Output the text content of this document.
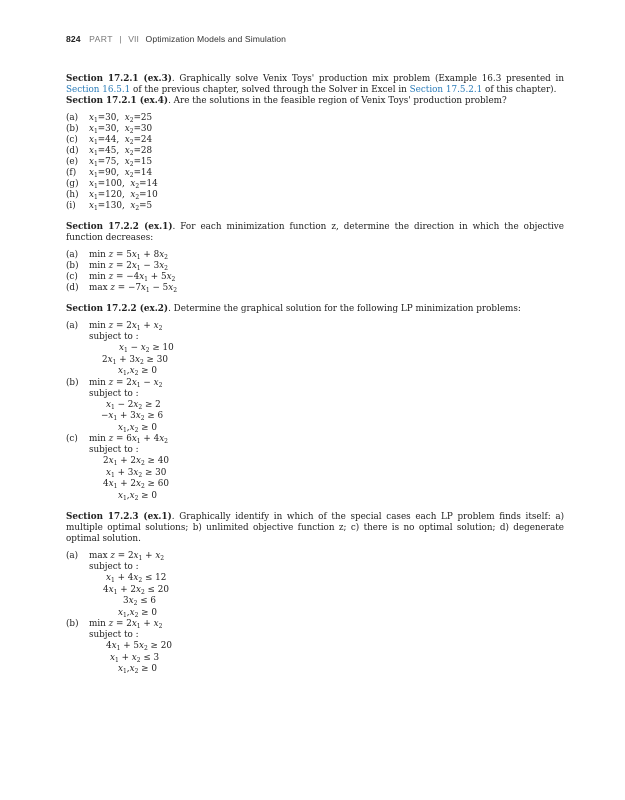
824 PART | VII Optimization Models and Simulation

Section 17.2.1 (ex.3). Graphically solve Venix Toys' production mix problem (Example 16.3 presented in Section 16.5.1 of the previous chapter, solved through the Solver in Excel in Section 17.5.2.1 of this chapter).

Section 17.2.1 (ex.4). Are the solutions in the feasible region of Venix Toys' production problem?

(a) $x_1=30$,  $x_2=25$
(b) $x_1=30$,  $x_2=30$
(c) $x_1=44$,  $x_2=24$
(d) $x_1=45$,  $x_2=28$
(e) $x_1=75$,  $x_2=15$
(f) $x_1=90$,  $x_2=14$
(g) $x_1=100$,  $x_2=14$
(h) $x_1=120$,  $x_2=10$
(i) $x_1=130$,  $x_2=5$

Section 17.2.2 (ex.1). For each minimization function z, determine the direction in which the objective function decreases:

(a) $\min z = 5x_1 + 8x_2$
(b) $\min z = 2x_1 - 3x_2$
(c) $\min z = -4x_1 + 5x_2$
(d) $\max z = -7x_1 - 5x_2$

Section 17.2.2 (ex.2). Determine the graphical solution for the following LP minimization problems:

(a) $\min z = 2x_1 + x_2$
subject to :
$x_1 - x_2 \ge 10$
$2x_1 + 3x_2 \ge 30$
$x_1,x_2 \ge 0$
(b) $\min z = 2x_1 - x_2$
subject to :
$x_1 - 2x_2 \ge 2$
$-x_1 + 3x_2 \ge 6$
$x_1,x_2 \ge 0$
(c) $\min z = 6x_1 + 4x_2$
subject to :
$2x_1 + 2x_2 \ge 40$
$x_1 + 3x_2 \ge 30$
$4x_1 + 2x_2 \ge 60$
$x_1,x_2 \ge 0$

Section 17.2.3 (ex.1). Graphically identify in which of the special cases each LP problem finds itself: a) multiple optimal solutions; b) unlimited objective function z; c) there is no optimal solution; d) degenerate optimal solution.

(a) $\max z = 2x_1 + x_2$
subject to :
$x_1 + 4x_2 \le 12$
$4x_1 + 2x_2 \le 20$
$3x_2 \le 6$
$x_1,x_2 \ge 0$
(b) $\min z = 2x_1 + x_2$
subject to :
$4x_1 + 5x_2 \ge 20$
$x_1 + x_2 \le 3$
$x_1,x_2 \ge 0$
